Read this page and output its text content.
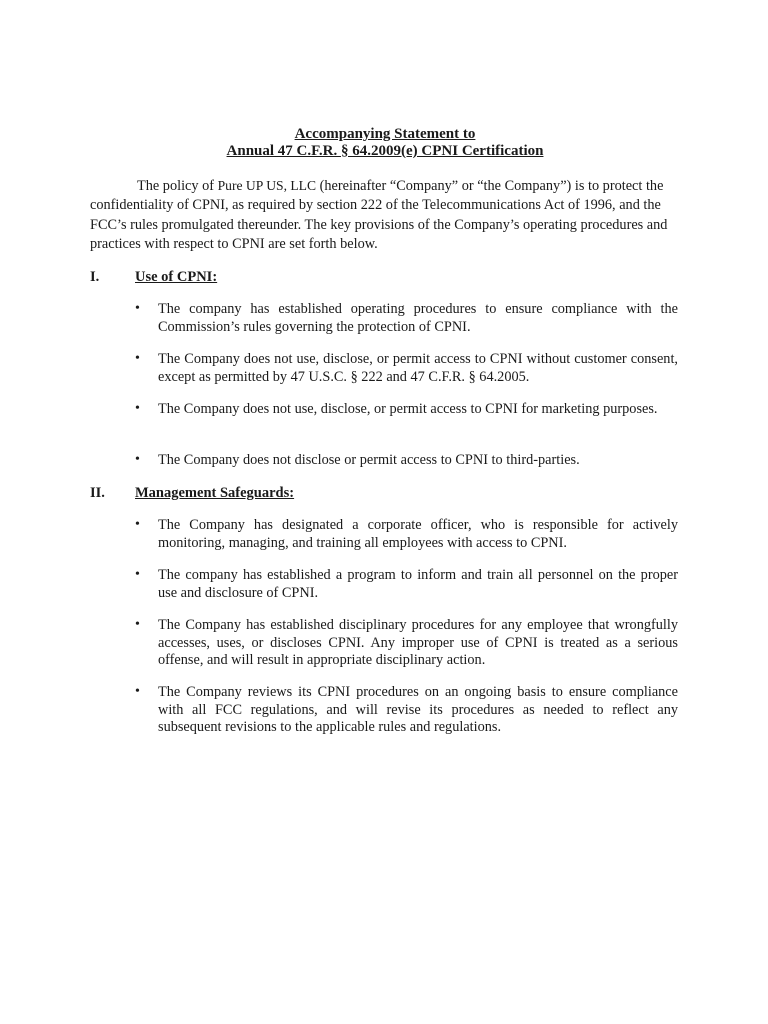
Accompanying Statement to
Annual 47 C.F.R. § 64.2009(e) CPNI Certification

The policy of Pure UP US, LLC (hereinafter “Company” or “the Company”) is to protect the confidentiality of CPNI, as required by section 222 of the Telecommunications Act of 1996, and the FCC’s rules promulgated thereunder. The key provisions of the Company’s operating procedures and practices with respect to CPNI are set forth below.

I. Use of CPNI:
• The company has established operating procedures to ensure compliance with the Commission’s rules governing the protection of CPNI.

• The Company does not use, disclose, or permit access to CPNI without customer consent, except as permitted by 47 U.S.C. § 222 and 47 C.F.R. § 64.2005.

• The Company does not use, disclose, or permit access to CPNI for marketing purposes.

• The Company does not disclose or permit access to CPNI to third-parties.

II. Management Safeguards:
• The Company has designated a corporate officer, who is responsible for actively monitoring, managing, and training all employees with access to CPNI.

• The company has established a program to inform and train all personnel on the proper use and disclosure of CPNI.

• The Company has established disciplinary procedures for any employee that wrongfully accesses, uses, or discloses CPNI. Any improper use of CPNI is treated as a serious offense, and will result in appropriate disciplinary action.

• The Company reviews its CPNI procedures on an ongoing basis to ensure compliance with all FCC regulations, and will revise its procedures as needed to reflect any subsequent revisions to the applicable rules and regulations.
